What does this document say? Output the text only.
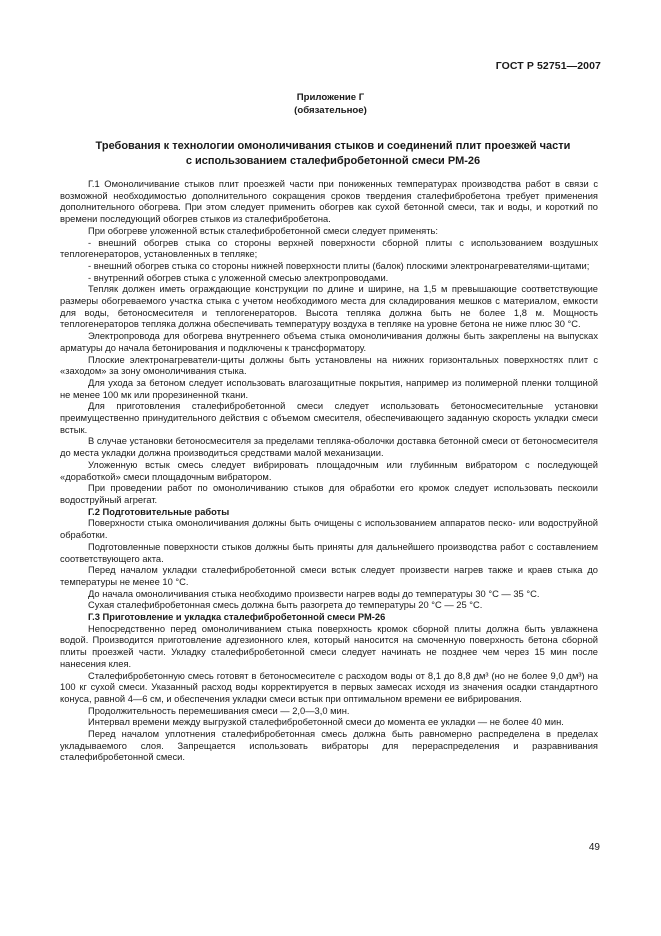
ГОСТ Р 52751—2007
Приложение Г
(обязательное)
Требования к технологии омоноличивания стыков и соединений плит проезжей части
с использованием сталефибробетонной смеси РМ-26

Г.1 Омоноличивание стыков плит проезжей части при пониженных температурах производства работ в связи с возможной необходимостью дополнительного сокращения сроков твердения сталефибробетона требует применения дополнительного обогрева. При этом следует применить обогрев как сухой бетонной смеси, так и воды, и короткий по времени последующий обогрев стыков из сталефибробетона.

При обогреве уложенной встык сталефибробетонной смеси следует применять:

- внешний обогрев стыка со стороны верхней поверхности сборной плиты с использованием воздушных теплогенераторов, установленных в тепляке;

- внешний обогрев стыка со стороны нижней поверхности плиты (балок) плоскими электронагревателями-щитами;

- внутренний обогрев стыка с уложенной смесью электропроводами.

Тепляк должен иметь ограждающие конструкции по длине и ширине, на 1,5 м превышающие соответствующие размеры обогреваемого участка стыка с учетом необходимого места для складирования мешков с материалом, емкости для воды, бетоносмесителя и теплогенераторов. Высота тепляка должна быть не более 1,8 м. Мощность теплогенераторов тепляка должна обеспечивать температуру воздуха в тепляке на уровне бетона не ниже плюс 30 °С.

Электропровода для обогрева внутреннего объема стыка омоноличивания должны быть закреплены на выпусках арматуры до начала бетонирования и подключены к трансформатору.

Плоские электронагреватели-щиты должны быть установлены на нижних горизонтальных поверхностях плит с «заходом» за зону омоноличивания стыка.

Для ухода за бетоном следует использовать влагозащитные покрытия, например из полимерной пленки толщиной не менее 100 мк или прорезиненной ткани.

Для приготовления сталефибробетонной смеси следует использовать бетоносмесительные установки преимущественно принудительного действия с объемом смесителя, обеспечивающего заданную скорость укладки смеси встык.

В случае установки бетоносмесителя за пределами тепляка-оболочки доставка бетонной смеси от бетоносмесителя до места укладки должна производиться средствами малой механизации.

Уложенную встык смесь следует вибрировать площадочным или глубинным вибратором с последующей «доработкой» смеси площадочным вибратором.

При проведении работ по омоноличиванию стыков для обработки его кромок следует использовать пескоили водоструйный агрегат.

Г.2 Подготовительные работы

Поверхности стыка омоноличивания должны быть очищены с использованием аппаратов песко- или водоструйной обработки.

Подготовленные поверхности стыков должны быть приняты для дальнейшего производства работ с составлением соответствующего акта.

Перед началом укладки сталефибробетонной смеси встык следует произвести нагрев также и краев стыка до температуры не менее 10 °С.

До начала омоноличивания стыка необходимо произвести нагрев воды до температуры 30 °С — 35 °С.

Сухая сталефибробетонная смесь должна быть разогрета до температуры 20 °С — 25 °С.

Г.3 Приготовление и укладка сталефибробетонной смеси РМ-26

Непосредственно перед омоноличиванием стыка поверхность кромок сборной плиты должна быть увлажнена водой. Производится приготовление адгезионного клея, который наносится на смоченную поверхность бетона сборной плиты проезжей части. Укладку сталефибробетонной смеси следует начинать не позднее чем через 15 мин после нанесения клея.

Сталефибробетонную смесь готовят в бетоносмесителе с расходом воды от 8,1 до 8,8 дм³ (но не более 9,0 дм³) на 100 кг сухой смеси. Указанный расход воды корректируется в первых замесах исходя из значения осадки стандартного конуса, равной 4—6 см, и обеспечения укладки смеси встык при оптимальном времени ее вибрирования.

Продолжительность перемешивания смеси — 2,0—3,0 мин.

Интервал времени между выгрузкой сталефибробетонной смеси до момента ее укладки — не более 40 мин.

Перед началом уплотнения сталефибробетонная смесь должна быть равномерно распределена в пределах укладываемого слоя. Запрещается использовать вибраторы для перераспределения и разравнивания сталефибробетонной смеси.

49
